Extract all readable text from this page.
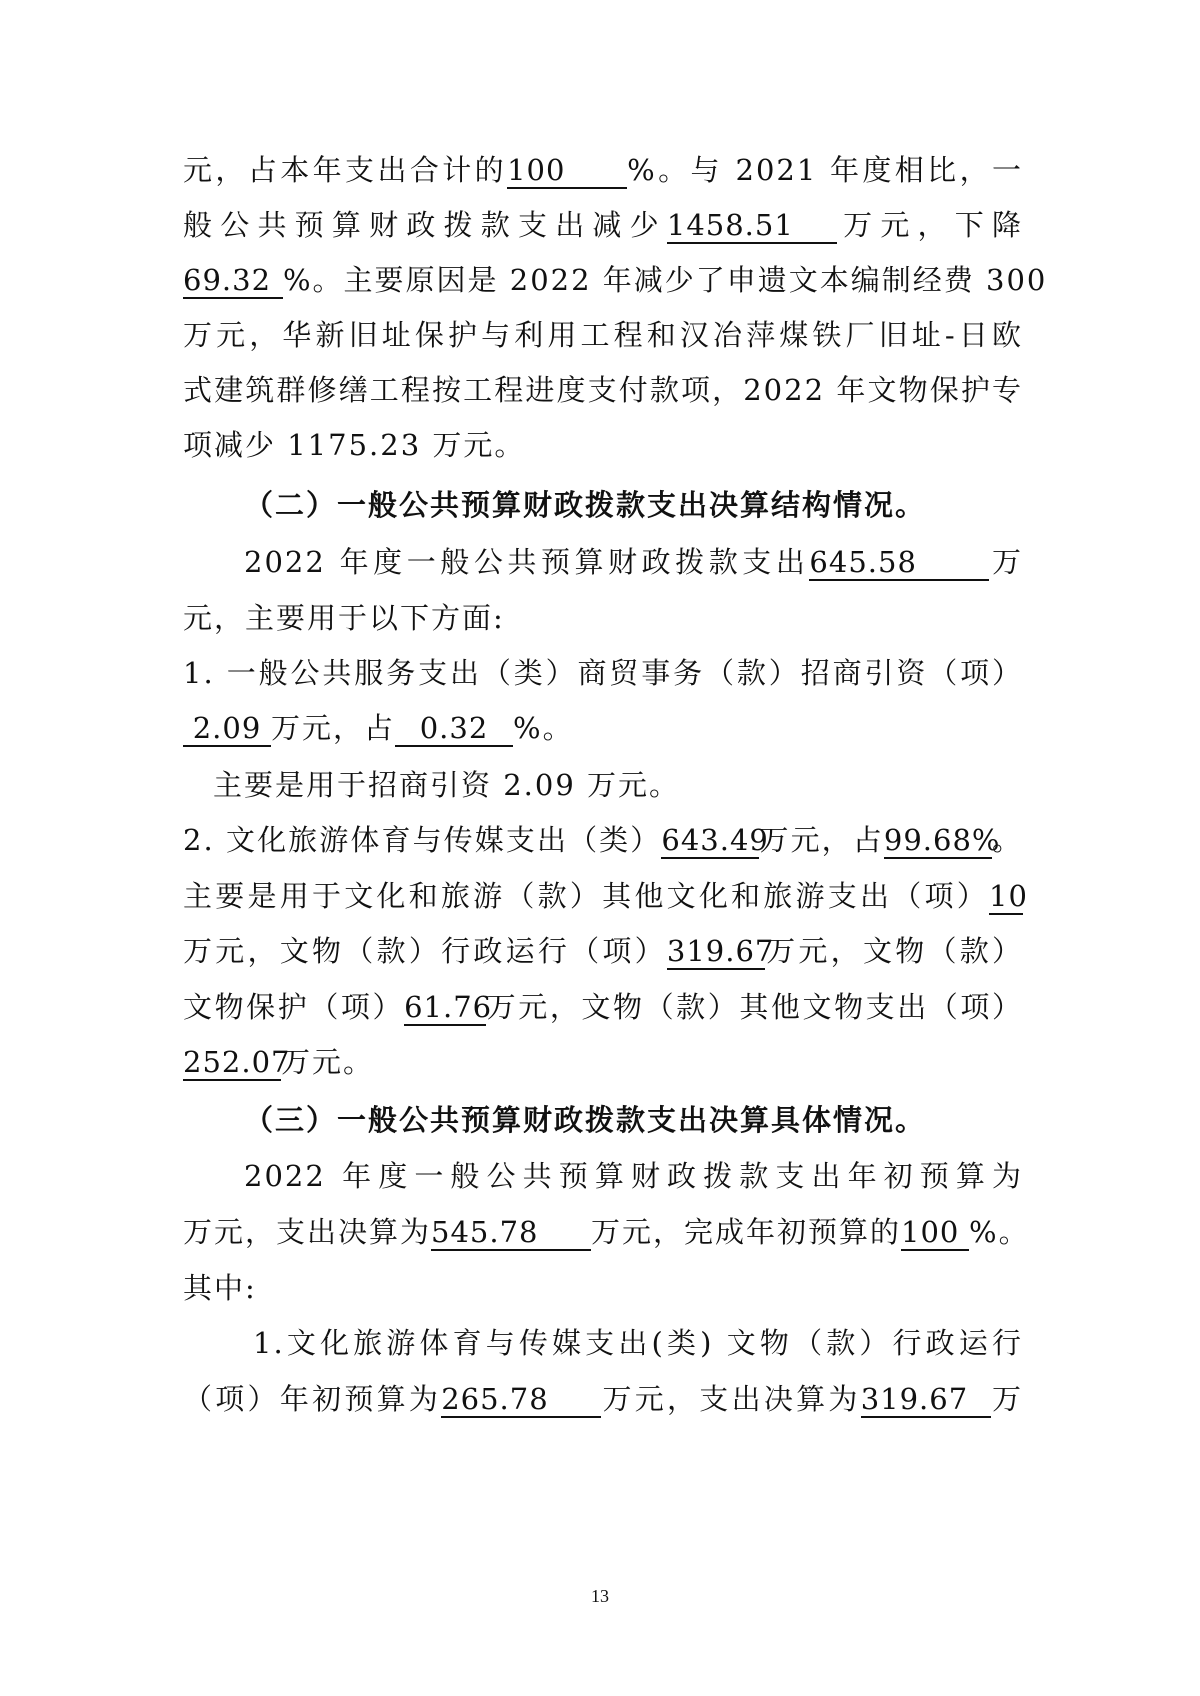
元，占本年支出合计的100 %。与 2021 年度相比，一
般公共预算财政拨款支出减少1458.51 万元，下降
69.32 %。主要原因是 2022 年减少了申遗文本编制经费 300
万元，华新旧址保护与利用工程和汉冶萍煤铁厂旧址-日欧
式建筑群修缮工程按工程进度支付款项，2022 年文物保护专
项减少 1175.23 万元。
（二）一般公共预算财政拨款支出决算结构情况。
2022 年度一般公共预算财政拨款支出645.58	万
元，主要用于以下方面:
1. 一般公共服务支出（类）商贸事务（款）招商引资（项）
2.09 万元，占 0.32 %。
主要是用于招商引资 2.09 万元。
2. 文化旅游体育与传媒支出（类）643.49万元，占99.68%。
主要是用于文化和旅游（款）其他文化和旅游支出（项）10
万元，文物（款）行政运行（项）319.67万元，文物（款）
文物保护（项）61.76万元，文物（款）其他文物支出（项）
252.07万元。
（三）一般公共预算财政拨款支出决算具体情况。
2022 年度一般公共预算财政拨款支出年初预算为
万元，支出决算为545.78 万元，完成年初预算的100 %。
其中:
1.文化旅游体育与传媒支出(类) 文物（款）行政运行
（项）年初预算为265.78 万元，支出决算为319.67 万
13
